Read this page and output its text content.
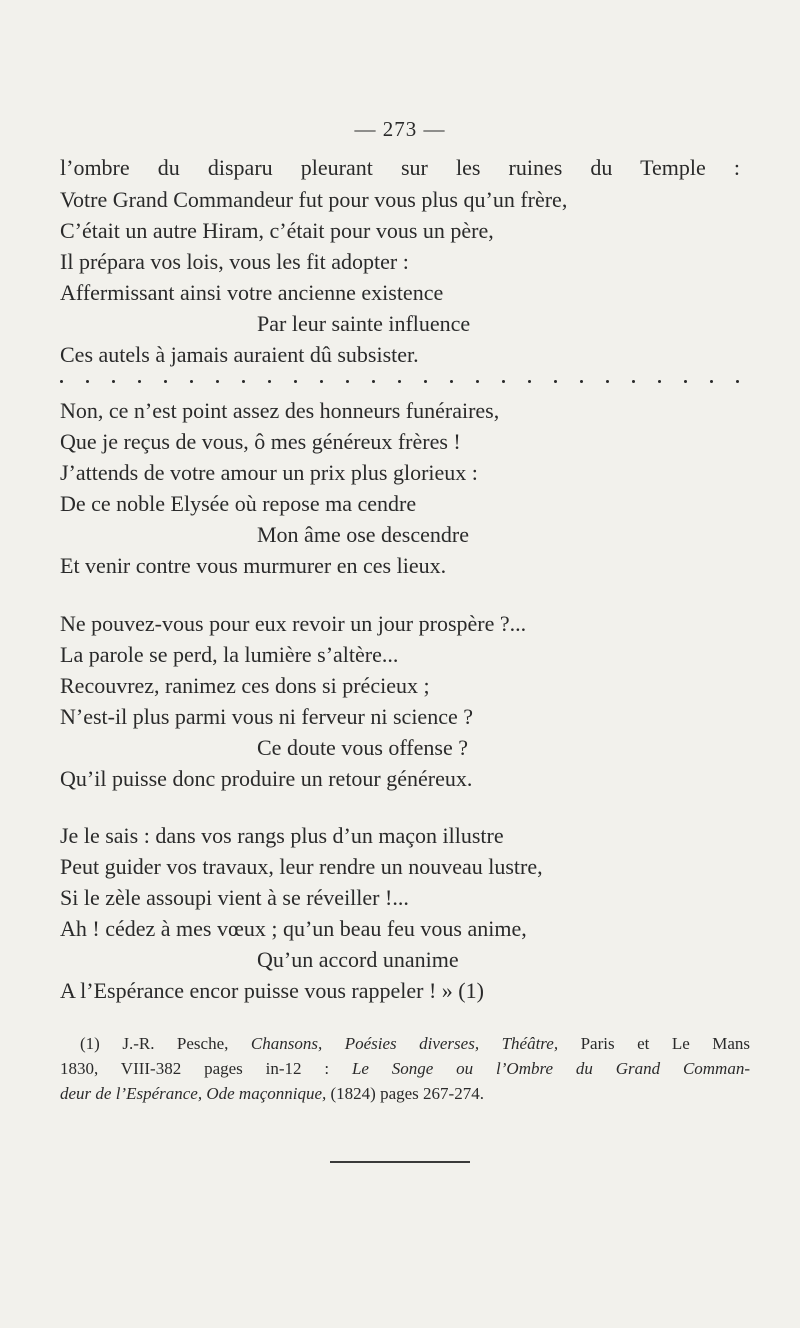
— 273 —
l’ombre du disparu pleurant sur les ruines du Temple :
Votre Grand Commandeur fut pour vous plus qu’un frère,
C’était un autre Hiram, c’était pour vous un père,
Il prépara vos lois, vous les fit adopter :
Affermissant ainsi votre ancienne existence
Par leur sainte influence
Ces autels à jamais auraient dû subsister.
Non, ce n’est point assez des honneurs funéraires,
Que je reçus de vous, ô mes généreux frères !
J’attends de votre amour un prix plus glorieux :
De ce noble Elysée où repose ma cendre
Mon âme ose descendre
Et venir contre vous murmurer en ces lieux.
Ne pouvez-vous pour eux revoir un jour prospère ?...
La parole se perd, la lumière s’altère...
Recouvrez, ranimez ces dons si précieux ;
N’est-il plus parmi vous ni ferveur ni science ?
Ce doute vous offense ?
Qu’il puisse donc produire un retour généreux.
Je le sais : dans vos rangs plus d’un maçon illustre
Peut guider vos travaux, leur rendre un nouveau lustre,
Si le zèle assoupi vient à se réveiller !...
Ah ! cédez à mes vœux ; qu’un beau feu vous anime,
Qu’un accord unanime
A l’Espérance encor puisse vous rappeler ! » (1)
(1) J.-R. Pesche, Chansons, Poésies diverses, Théâtre, Paris et Le Mans
1830, VIII-382 pages in-12 : Le Songe ou l’Ombre du Grand Comman-
deur de l’Espérance, Ode maçonnique, (1824) pages 267-274.
